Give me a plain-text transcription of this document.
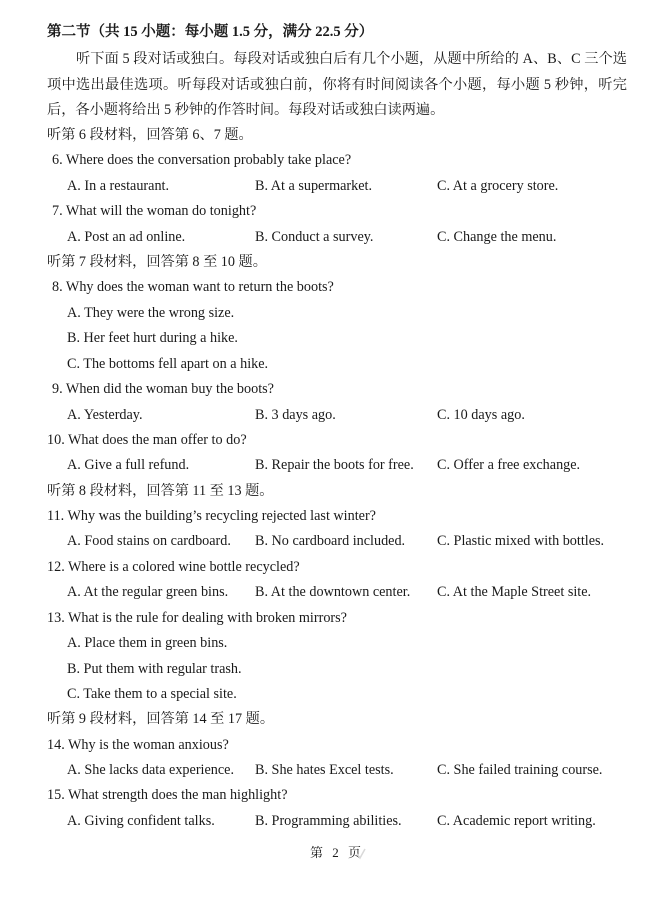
第二节（共 15 小题：每小题 1.5 分，满分 22.5 分）
听下面 5 段对话或独白。每段对话或独白后有几个小题，从题中所给的 A、B、C 三个选项中选出最佳选项。听每段对话或独白前，你将有时间阅读各个小题，每小题 5 秒钟，听完后，各小题将给出 5 秒钟的作答时间。每段对话或独白读两遍。
听第 6 段材料，回答第 6、7 题。
6. Where does the conversation probably take place?
A. In a restaurant.	B. At a supermarket.	C. At a grocery store.
7. What will the woman do tonight?
A. Post an ad online.	B. Conduct a survey.	C. Change the menu.
听第 7 段材料，回答第 8 至 10 题。
8. Why does the woman want to return the boots?
A. They were the wrong size.
B. Her feet hurt during a hike.
C. The bottoms fell apart on a hike.
9. When did the woman buy the boots?
A. Yesterday.	B. 3 days ago.	C. 10 days ago.
10. What does the man offer to do?
A. Give a full refund.	B. Repair the boots for free. C. Offer a free exchange.
听第 8 段材料，回答第 11 至 13 题。
11. Why was the building’s recycling rejected last winter?
A. Food stains on cardboard. B. No cardboard included. C. Plastic mixed with bottles.
12. Where is a colored wine bottle recycled?
A. At the regular green bins. B. At the downtown center. C. At the Maple Street site.
13. What is the rule for dealing with broken mirrors?
A. Place them in green bins.
B. Put them with regular trash.
C. Take them to a special site.
听第 9 段材料，回答第 14 至 17 题。
14. Why is the woman anxious?
A. She lacks data experience. B. She hates Excel tests.	C. She failed training course.
15. What strength does the man highlight?
A. Giving confident talks.	B. Programming abilities. C. Academic report writing.
第 2 页
